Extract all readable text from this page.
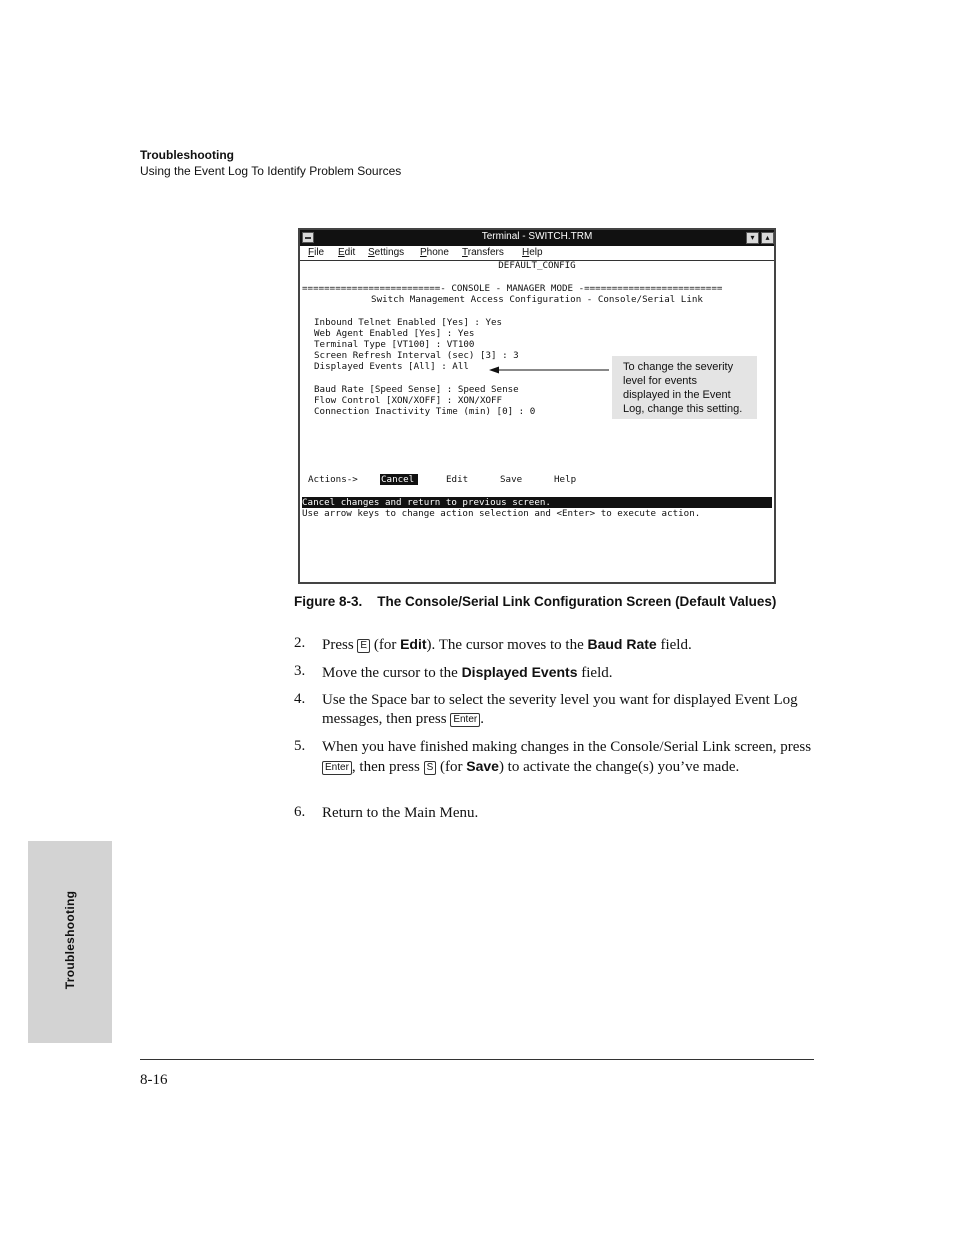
Troubleshooting
Using the Event Log To Identify Problem Sources
Terminal - SWITCH.TRM	▾	▴
File Edit Settings Phone Transfers Help
DEFAULT_CONFIG
=========================- CONSOLE - MANAGER MODE -=========================
Switch Management Access Configuration - Console/Serial Link
Inbound Telnet Enabled [Yes] : Yes
Web Agent Enabled [Yes] : Yes
Terminal Type [VT100] : VT100
Screen Refresh Interval (sec) [3] : 3
Displayed Events [All] : All
Baud Rate [Speed Sense] : Speed Sense
Flow Control [XON/XOFF] : XON/XOFF
Connection Inactivity Time (min) [0] : 0
Actions->	Cancel	Edit	Save	Help
Cancel changes and return to previous screen.
Use arrow keys to change action selection and <Enter> to execute action.
To change the severity
level for events
displayed in the Event
Log, change this setting.
Figure 8-3.    The Console/Serial Link Configuration Screen (Default Values)
2. Press E (for Edit). The cursor moves to the Baud Rate field.
3. Move the cursor to the Displayed Events field.
4. Use the Space bar to select the severity level you want for displayed Event Log messages, then press Enter .
5. When you have finished making changes in the Console/Serial Link screen, press Enter , then press S (for Save) to activate the change(s) you’ve made.
6. Return to the Main Menu.
Troubleshooting
8-16
